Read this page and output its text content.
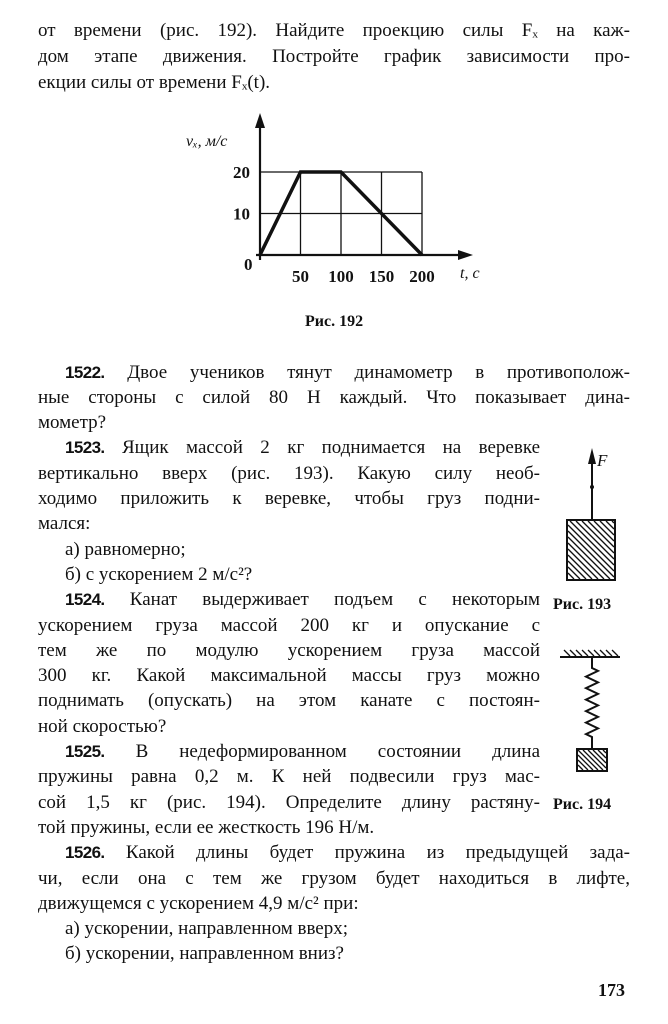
от времени (рис. 192). Найдите проекцию силы Fₓ на каж-
дом этапе движения. Постройте график зависимости про-
екции силы от времени Fₓ(t).
1522. Двое учеников тянут динамометр в противополож-
ные стороны с силой 80 Н каждый. Что показывает дина-
мометр?
1523. Ящик массой 2 кг поднимается на веревке
вертикально вверх (рис. 193). Какую силу необ-
ходимо приложить к веревке, чтобы груз подни-
мался:
а) равномерно;
б) с ускорением 2 м/с²?
1524. Канат выдерживает подъем с некоторым
ускорением груза массой 200 кг и опускание с
тем же по модулю ускорением груза массой
300 кг. Какой максимальной массы груз можно
поднимать (опускать) на этом канате с постоян-
ной скоростью?
1525. В недеформированном состоянии длина
пружины равна 0,2 м. К ней подвесили груз мас-
сой 1,5 кг (рис. 194). Определите длину растяну-
той пружины, если ее жесткость 196 Н/м.
1526. Какой длины будет пружина из предыдущей зада-
чи, если она с тем же грузом будет находиться в лифте,
движущемся с ускорением 4,9 м/с² при:
а) ускорении, направленном вверх;
б) ускорении, направленном вниз?
vₓ, м/с
0	t, с
50 100 150 200
10
20
Рис. 192
F⃗
Рис. 193
Рис. 194
173
